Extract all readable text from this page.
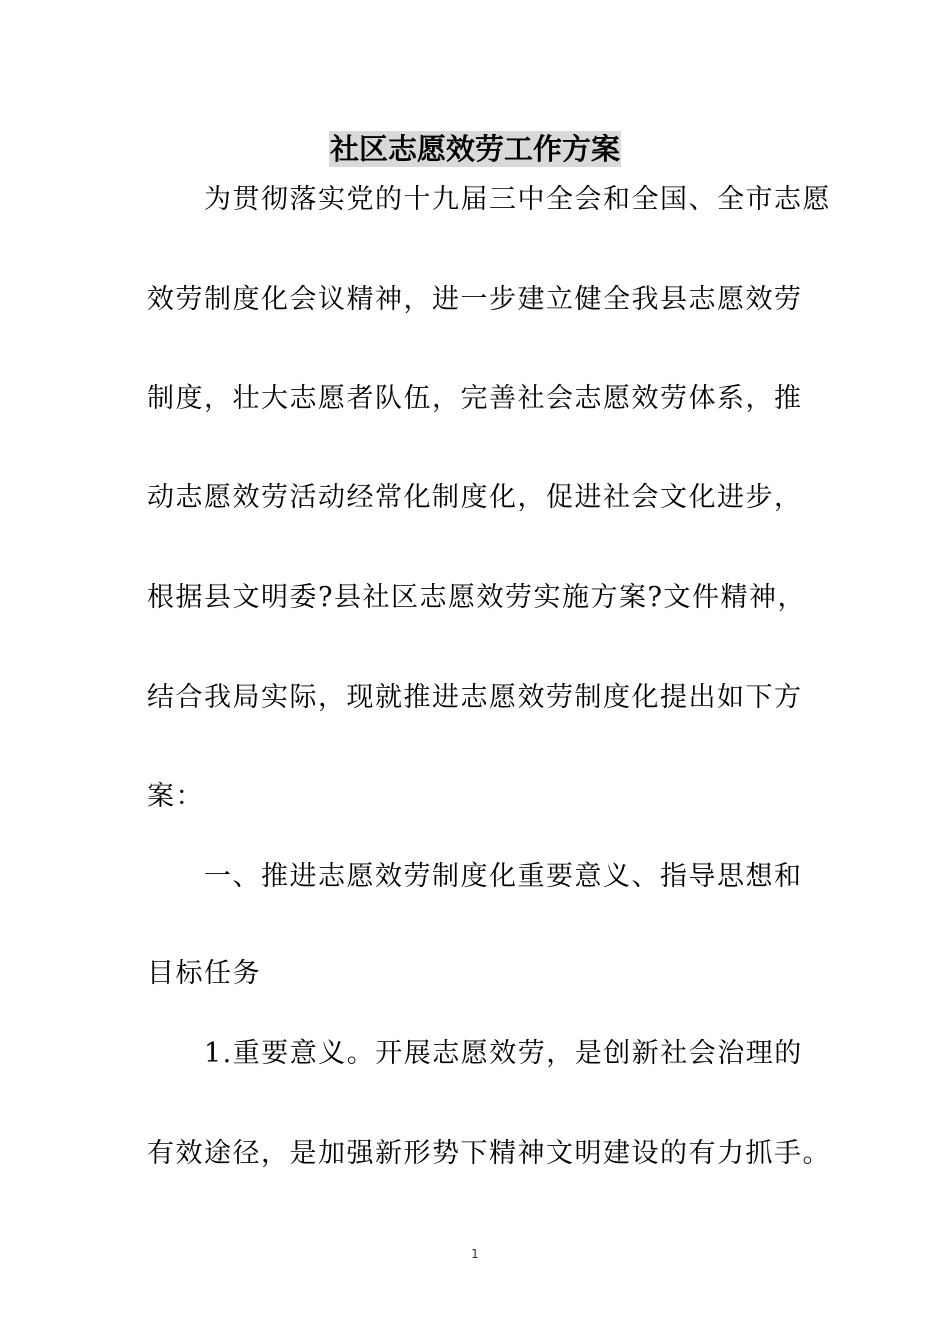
社区志愿效劳工作方案
为贯彻落实党的十九届三中全会和全国、全市志愿
效劳制度化会议精神，进一步建立健全我县志愿效劳
制度，壮大志愿者队伍，完善社会志愿效劳体系，推
动志愿效劳活动经常化制度化，促进社会文化进步，
根据县文明委?县社区志愿效劳实施方案?文件精神，
结合我局实际，现就推进志愿效劳制度化提出如下方
案：
一、推进志愿效劳制度化重要意义、指导思想和
目标任务
1.重要意义。开展志愿效劳，是创新社会治理的
有效途径，是加强新形势下精神文明建设的有力抓手。
1
